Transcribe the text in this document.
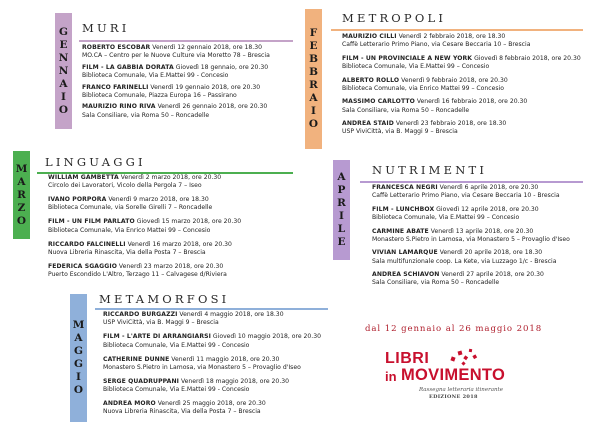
G
E
N
N
A
I
O
MURI
ROBERTO ESCOBAR Venerdì 12 gennaio 2018, ore 18.30
MO.CA – Centro per le Nuove Culture via Moretto 78 – Brescia
FILM - LA GABBIA DORATA Giovedì 18 gennaio, ore 20.30
Biblioteca Comunale, Via E.Mattei 99 - Concesio
FRANCO FARINELLI Venerdì 19 gennaio 2018, ore 20.30
Biblioteca Comunale, Piazza Europa 16 – Passirano
MAURIZIO RINO RIVA Venerdì 26 gennaio 2018, ore 20.30
Sala Consiliare, via Roma 50 – Roncadelle
F
E
B
B
R
A
I
O
METROPOLI
MAURIZIO CILLI Venerdì 2 febbraio 2018, ore 18.30
Caffè Letterario Primo Piano, via Cesare Beccaria 10 – Brescia
FILM - UN PROVINCIALE A NEW YORK Giovedì 8 febbraio 2018, ore 20.30
Biblioteca Comunale, Via E.Mattei 99 – Concesio
ALBERTO ROLLO Venerdì 9 febbraio 2018, ore 20.30
Biblioteca Comunale, via Enrico Mattei 99 – Concesio
MASSIMO CARLOTTO Venerdì 16 febbraio 2018, ore 20.30
Sala Consiliare, via Roma 50 – Roncadelle
ANDREA STAID Venerdì 23 febbraio 2018, ore 18.30
USP ViviCittà, via B. Maggi 9 – Brescia
M
A
R
Z
O
LINGUAGGI
WILLIAM GAMBETTA Venerdì 2 marzo 2018, ore 20.30
Circolo dei Lavoratori, Vicolo della Pergola 7 – Iseo
IVANO PORPORA Venerdì 9 marzo 2018, ore 18.30
Biblioteca Comunale, via Sorelle Girelli 7 – Roncadelle
FILM - UN FILM PARLATO Giovedì 15 marzo 2018, ore 20.30
Biblioteca Comunale, Via Enrico Mattei 99 – Concesio
RICCARDO FALCINELLI Venerdì 16 marzo 2018, ore 20.30
Nuova Libreria Rinascita, Via della Posta 7 – Brescia
FEDERICA SGAGGIO Venerdì 23 marzo 2018, ore 20.30
Puerto Escondido L'Altro, Terzago 11 – Calvagese d/Riviera
A
P
R
I
L
E
NUTRIMENTI
FRANCESCA NEGRI Venerdì 6 aprile 2018, ore 20.30
Caffè Letterario Primo Piano, via Cesare Beccaria 10 - Brescia
FILM - LUNCHBOX Giovedì 12 aprile 2018, ore 20.30
Biblioteca Comunale, Via E.Mattei 99 – Concesio
CARMINE ABATE Venerdì 13 aprile 2018, ore 20.30
Monastero S.Pietro in Lamosa, via Monastero 5 – Provaglio d'Iseo
VIVIAN LAMARQUE Venerdì 20 aprile 2018, ore 18.30
Sala multifunzionale coop. La Kete, via Luzzago 1/c - Brescia
ANDREA SCHIAVON Venerdì 27 aprile 2018, ore 20.30
Sala Consiliare, via Roma 50 – Roncadelle
M
A
G
G
I
O
METAMORFOSI
RICCARDO BURGAZZI Venerdì 4 maggio 2018, ore 18.30
USP ViviCittà, via B. Maggi 9 – Brescia
FILM - L'ARTE DI ARRANGIARSI Giovedì 10 maggio 2018, ore 20.30
Biblioteca Comunale, Via E.Mattei 99 - Concesio
CATHERINE DUNNE Venerdì 11 maggio 2018, ore 20.30
Monastero S.Pietro in Lamosa, via Monastero 5 – Provaglio d'Iseo
SERGE QUADRUPPANI Venerdì 18 maggio 2018, ore 20.30
Biblioteca Comunale, Via E.Mattei 99 - Concesio
ANDREA MORO Venerdì 25 maggio 2018, ore 20.30
Nuova Libreria Rinascita, Via della Posta 7 – Brescia
dal 12 gennaio al 26 maggio 2018
LIBRI
in MOVIMENTO
Rassegna letteraria itinerante
EDIZIONE 2018
